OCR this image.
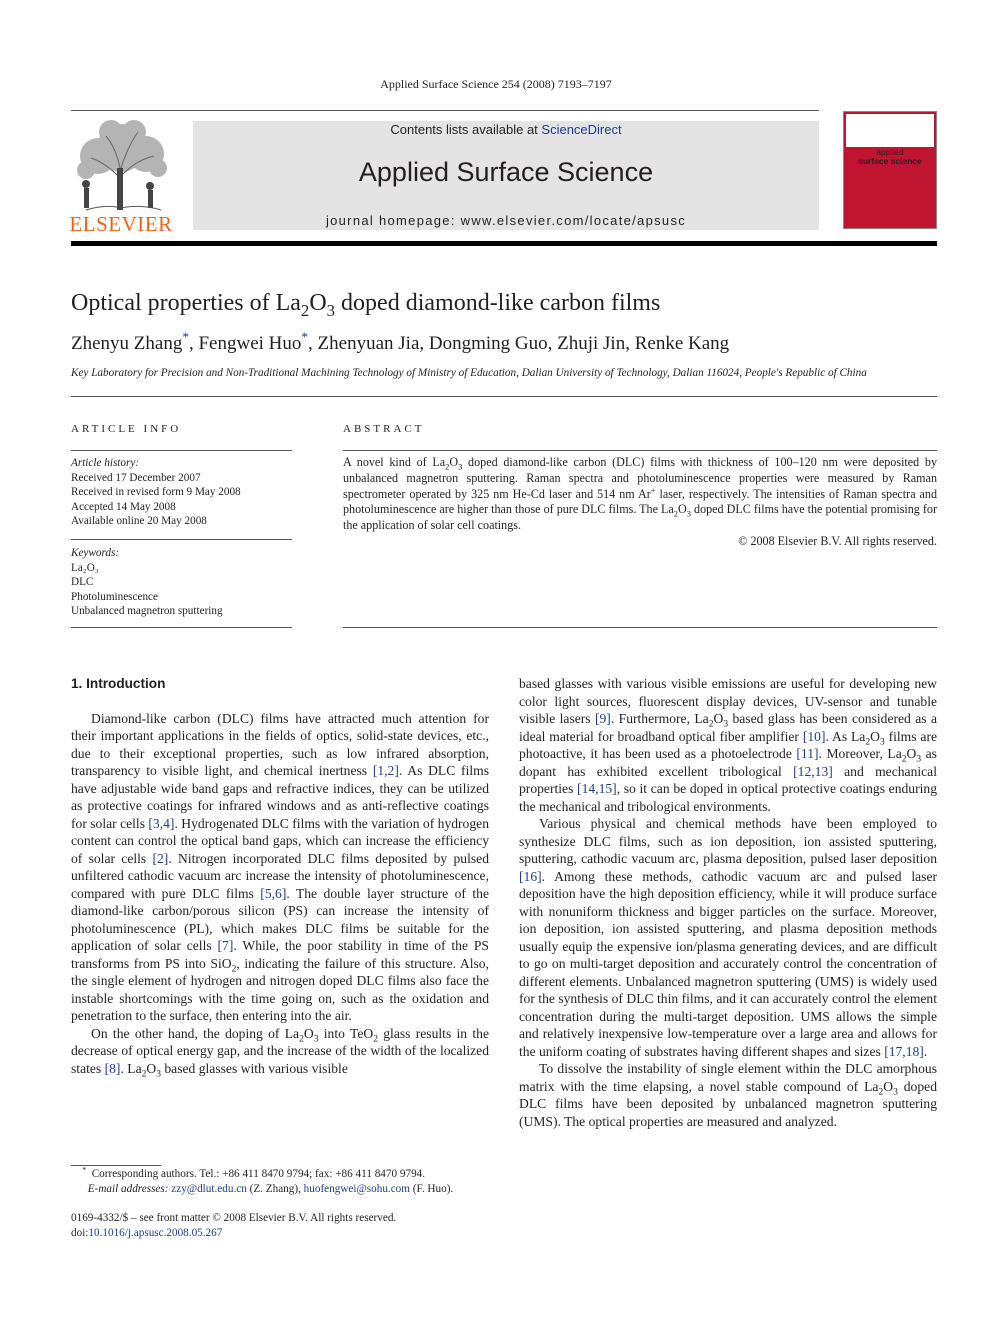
Applied Surface Science 254 (2008) 7193–7197
ELSEVIER
Contents lists available at ScienceDirect
Applied Surface Science
journal homepage: www.elsevier.com/locate/apsusc
applied
surface science
Optical properties of $La_2O_3$ doped diamond-like carbon films
Zhenyu Zhang*, Fengwei Huo*, Zhenyuan Jia, Dongming Guo, Zhuji Jin, Renke Kang
Key Laboratory for Precision and Non-Traditional Machining Technology of Ministry of Education, Dalian University of Technology, Dalian 116024, People's Republic of China
ARTICLE INFO	ABSTRACT
Article history:
Received 17 December 2007
Received in revised form 9 May 2008
Accepted 14 May 2008
Available online 20 May 2008
Keywords:
La₂O₃
DLC
Photoluminescence
Unbalanced magnetron sputtering
A novel kind of $La_2O_3$ doped diamond-like carbon (DLC) films with thickness of 100–120 nm were deposited by unbalanced magnetron sputtering. Raman spectra and photoluminescence properties were measured by Raman spectrometer operated by 325 nm He-Cd laser and 514 nm Ar+ laser, respectively. The intensities of Raman spectra and photoluminescence are higher than those of pure DLC films. The $La_2O_3$ doped DLC films have the potential promising for the application of solar cell coatings.
© 2008 Elsevier B.V. All rights reserved.

1. Introduction

Diamond-like carbon (DLC) films have attracted much attention for their important applications in the fields of optics, solid-state devices, etc., due to their exceptional properties, such as low infrared absorption, transparency to visible light, and chemical inertness [1,2]. As DLC films have adjustable wide band gaps and refractive indices, they can be utilized as protective coatings for infrared windows and as anti-reflective coatings for solar cells [3,4]. Hydrogenated DLC films with the variation of hydrogen content can control the optical band gaps, which can increase the efficiency of solar cells [2]. Nitrogen incorporated DLC films deposited by pulsed unfiltered cathodic vacuum arc increase the intensity of photoluminescence, compared with pure DLC films [5,6]. The double layer structure of the diamond-like carbon/porous silicon (PS) can increase the intensity of photoluminescence (PL), which makes DLC films be suitable for the application of solar cells [7]. While, the poor stability in time of the PS transforms from PS into SiO$_2$, indicating the failure of this structure. Also, the single element of hydrogen and nitrogen doped DLC films also face the instable shortcomings with the time going on, such as the oxidation and penetration to the surface, then entering into the air.

On the other hand, the doping of $La_2O_3$ into TeO$_2$ glass results in the decrease of optical energy gap, and the increase of the width of the localized states [8]. $La_2O_3$ based glasses with various visible

* Corresponding authors. Tel.: +86 411 8470 9794; fax: +86 411 8470 9794.
E-mail addresses: zzy@dlut.edu.cn (Z. Zhang), huofengwei@sohu.com (F. Huo).
0169-4332/$ – see front matter © 2008 Elsevier B.V. All rights reserved.
doi:10.1016/j.apsusc.2008.05.267

based glasses with various visible emissions are useful for developing new color light sources, fluorescent display devices, UV-sensor and tunable visible lasers [9]. Furthermore, $La_2O_3$ based glass has been considered as a ideal material for broadband optical fiber amplifier [10]. As $La_2O_3$ films are photoactive, it has been used as a photoelectrode [11]. Moreover, $La_2O_3$ as dopant has exhibited excellent tribological [12,13] and mechanical properties [14,15], so it can be doped in optical protective coatings enduring the mechanical and tribological environments.

Various physical and chemical methods have been employed to synthesize DLC films, such as ion deposition, ion assisted sputtering, sputtering, cathodic vacuum arc, plasma deposition, pulsed laser deposition [16]. Among these methods, cathodic vacuum arc and pulsed laser deposition have the high deposition efficiency, while it will produce surface with nonuniform thickness and bigger particles on the surface. Moreover, ion deposition, ion assisted sputtering, and plasma deposition methods usually equip the expensive ion/plasma generating devices, and are difficult to go on multi-target deposition and accurately control the concentration of different elements. Unbalanced magnetron sputtering (UMS) is widely used for the synthesis of DLC thin films, and it can accurately control the element concentration during the multi-target deposition. UMS allows the simple and relatively inexpensive low-temperature over a large area and allows for the uniform coating of substrates having different shapes and sizes [17,18].

To dissolve the instability of single element within the DLC amorphous matrix with the time elapsing, a novel stable compound of $La_2O_3$ doped DLC films have been deposited by unbalanced magnetron sputtering (UMS). The optical properties are measured and analyzed.
